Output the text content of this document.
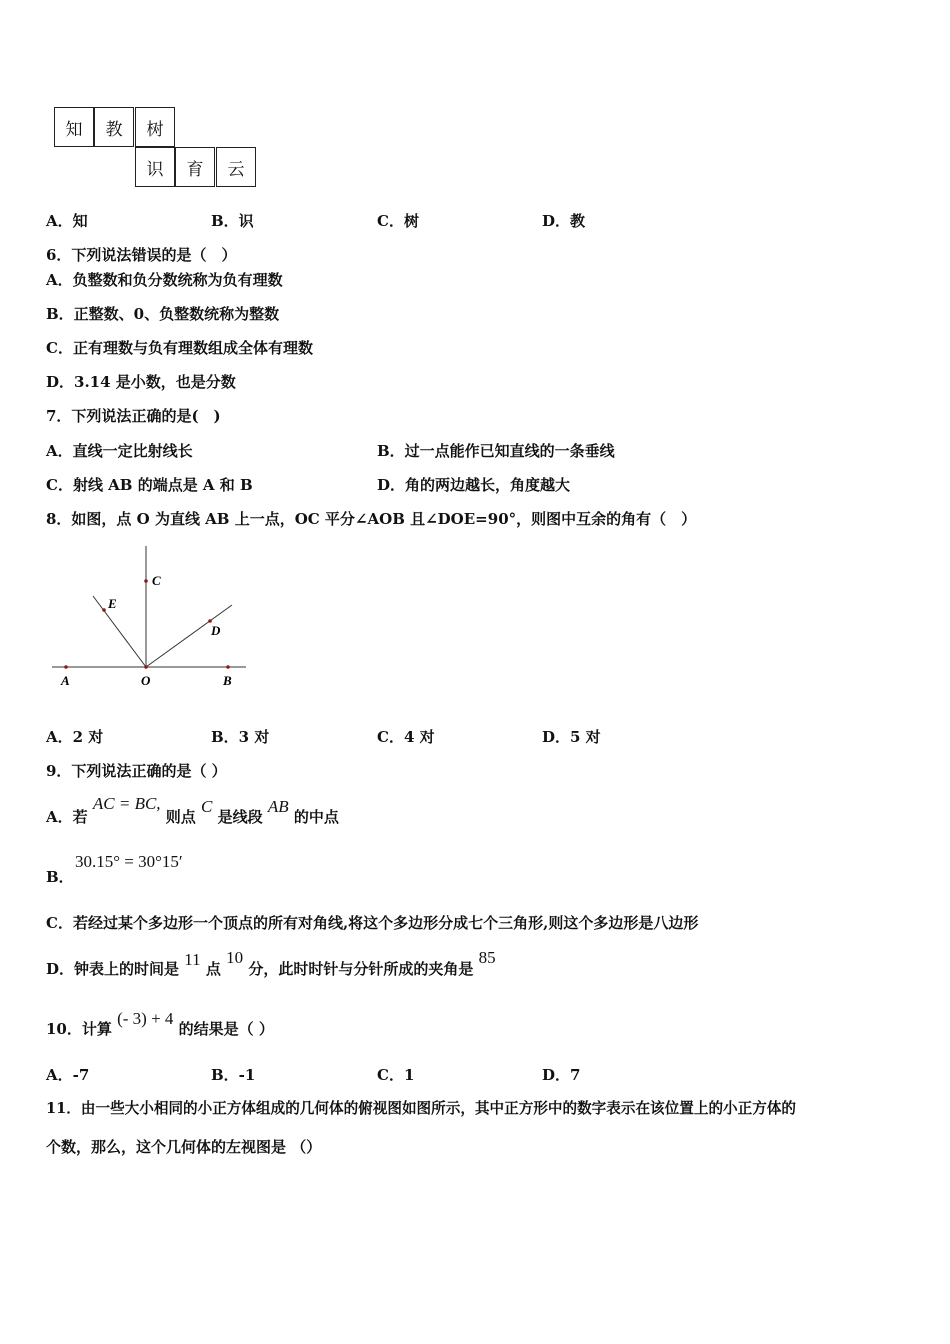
知	教	树
识	育	云
A．知	B．识	C．树	D．教
6．下列说法错误的是（　）
A．负整数和负分数统称为负有理数
B．正整数、0、负整数统称为整数
C．正有理数与负有理数组成全体有理数
D．3.14 是小数，也是分数
7．下列说法正确的是(　)
A．直线一定比射线长	B．过一点能作已知直线的一条垂线
C．射线 AB 的端点是 A 和 B	D．角的两边越长，角度越大
8．如图，点 O 为直线 AB 上一点，OC 平分∠AOB 且∠DOE=90°，则图中互余的角有（　）
C
E
D
A	O	B
A．2 对	B．3 对	C．4 对	D．5 对
9．下列说法正确的是（ ）
A．若 AC = BC, 则点 C 是线段 AB 的中点
B．
30.15° = 30°15′
C．若经过某个多边形一个顶点的所有对角线,将这个多边形分成七个三角形,则这个多边形是八边形
D．钟表上的时间是 11 点 10 分，此时时针与分针所成的夹角是 85
10．计算 (- 3) + 4 的结果是（ ）
A．-7	B．-1	C．1	D．7
11．由一些大小相同的小正方体组成的几何体的俯视图如图所示，其中正方形中的数字表示在该位置上的小正方体的
个数，那么，这个几何体的左视图是 （）
